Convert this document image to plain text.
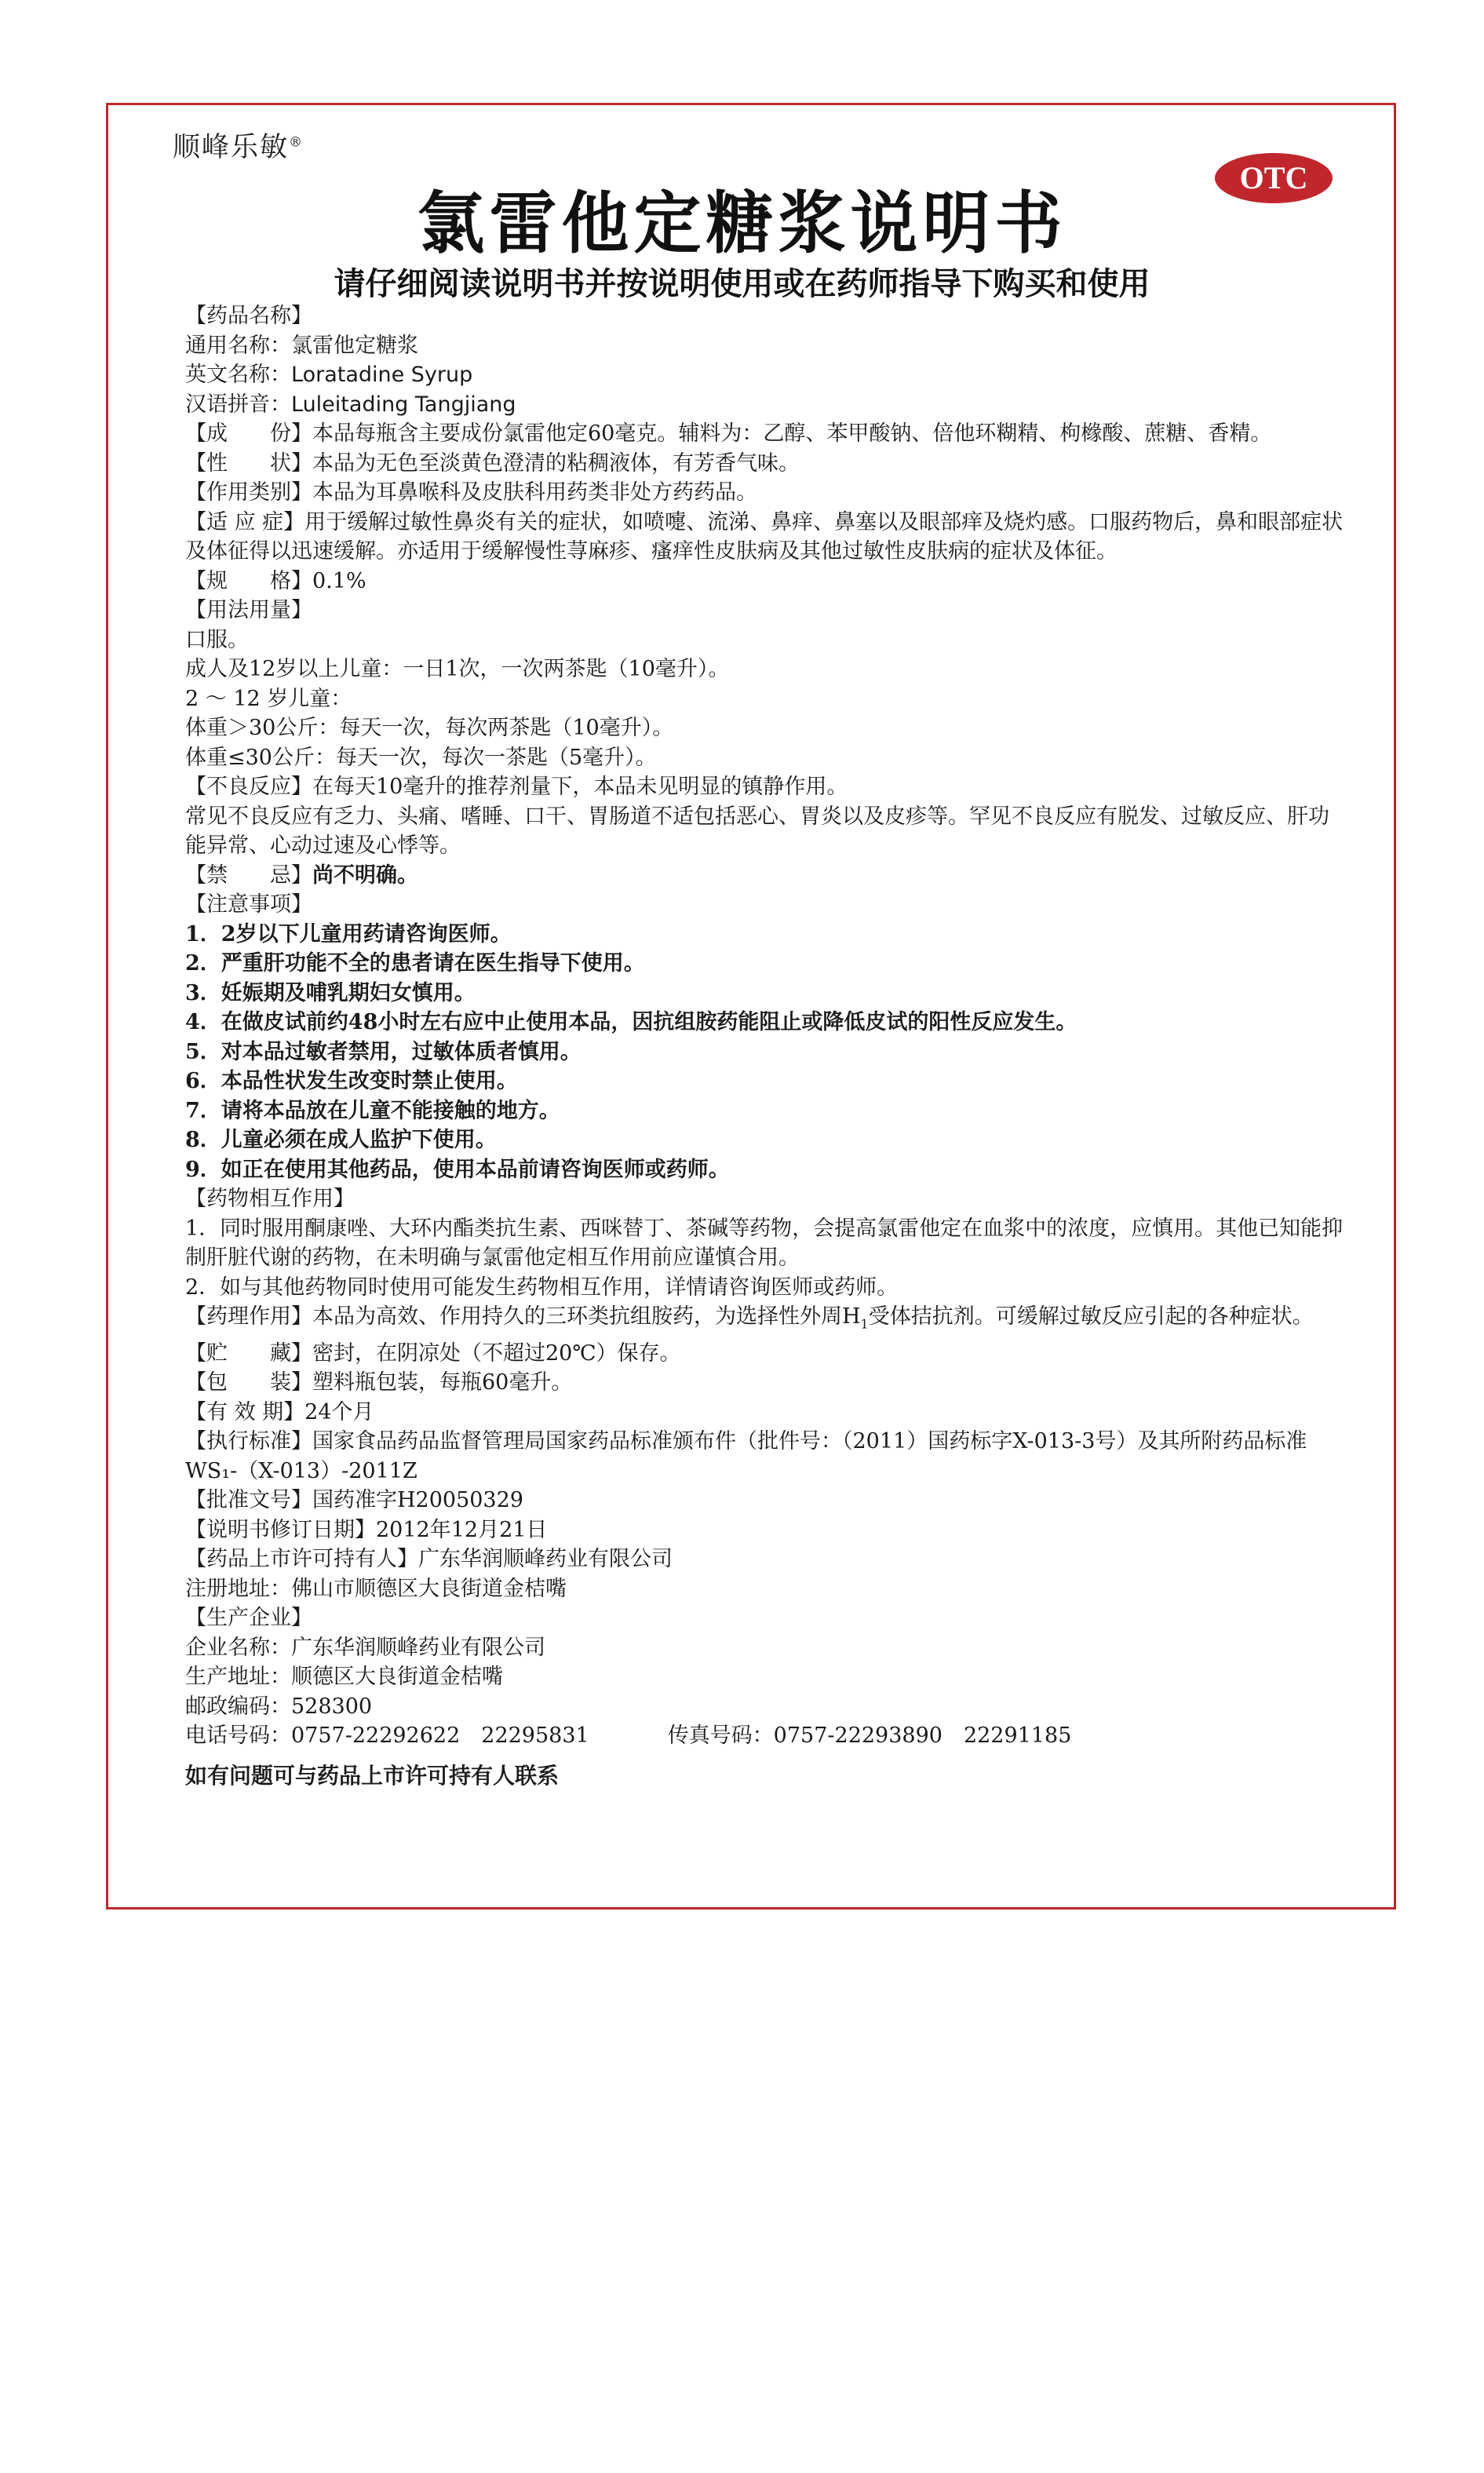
顺峰乐敏®
OTC
氯雷他定糖浆说明书
请仔细阅读说明书并按说明使用或在药师指导下购买和使用
【药品名称】
通用名称：氯雷他定糖浆
英文名称：Loratadine Syrup
汉语拼音：Luleitading Tangjiang
【成　　份】本品每瓶含主要成份氯雷他定60毫克。辅料为：乙醇、苯甲酸钠、倍他环糊精、枸橼酸、蔗糖、香精。
【性　　状】本品为无色至淡黄色澄清的粘稠液体，有芳香气味。
【作用类别】本品为耳鼻喉科及皮肤科用药类非处方药药品。
【适 应 症】用于缓解过敏性鼻炎有关的症状，如喷嚏、流涕、鼻痒、鼻塞以及眼部痒及烧灼感。口服药物后，鼻和眼部症状及体征得以迅速缓解。亦适用于缓解慢性荨麻疹、瘙痒性皮肤病及其他过敏性皮肤病的症状及体征。
【规　　格】0.1%
【用法用量】
口服。
成人及12岁以上儿童：一日1次，一次两茶匙（10毫升）。
2 ～ 12 岁儿童：
体重＞30公斤：每天一次，每次两茶匙（10毫升）。
体重≤30公斤：每天一次，每次一茶匙（5毫升）。
【不良反应】在每天10毫升的推荐剂量下，本品未见明显的镇静作用。
常见不良反应有乏力、头痛、嗜睡、口干、胃肠道不适包括恶心、胃炎以及皮疹等。罕见不良反应有脱发、过敏反应、肝功能异常、心动过速及心悸等。
【禁　　忌】尚不明确。
【注意事项】
1．2岁以下儿童用药请咨询医师。
2．严重肝功能不全的患者请在医生指导下使用。
3．妊娠期及哺乳期妇女慎用。
4．在做皮试前约48小时左右应中止使用本品，因抗组胺药能阻止或降低皮试的阳性反应发生。
5．对本品过敏者禁用，过敏体质者慎用。
6．本品性状发生改变时禁止使用。
7．请将本品放在儿童不能接触的地方。
8．儿童必须在成人监护下使用。
9．如正在使用其他药品，使用本品前请咨询医师或药师。
【药物相互作用】
1．同时服用酮康唑、大环内酯类抗生素、西咪替丁、茶碱等药物，会提高氯雷他定在血浆中的浓度，应慎用。其他已知能抑制肝脏代谢的药物，在未明确与氯雷他定相互作用前应谨慎合用。
2．如与其他药物同时使用可能发生药物相互作用，详情请咨询医师或药师。
【药理作用】本品为高效、作用持久的三环类抗组胺药，为选择性外周$H_1$受体拮抗剂。可缓解过敏反应引起的各种症状。
【贮　　藏】密封，在阴凉处（不超过20℃）保存。
【包　　装】塑料瓶包装，每瓶60毫升。
【有 效 期】24个月
【执行标准】国家食品药品监督管理局国家药品标准颁布件（批件号：（2011）国药标字X-013-3号）及其所附药品标准WS₁-（X-013）-2011Z
【批准文号】国药准字H20050329
【说明书修订日期】2012年12月21日
【药品上市许可持有人】广东华润顺峰药业有限公司
注册地址：佛山市顺德区大良街道金桔嘴
【生产企业】
企业名称：广东华润顺峰药业有限公司
生产地址：顺德区大良街道金桔嘴
邮政编码：528300
电话号码：0757-22292622　22295831	传真号码：0757-22293890　22291185
如有问题可与药品上市许可持有人联系
